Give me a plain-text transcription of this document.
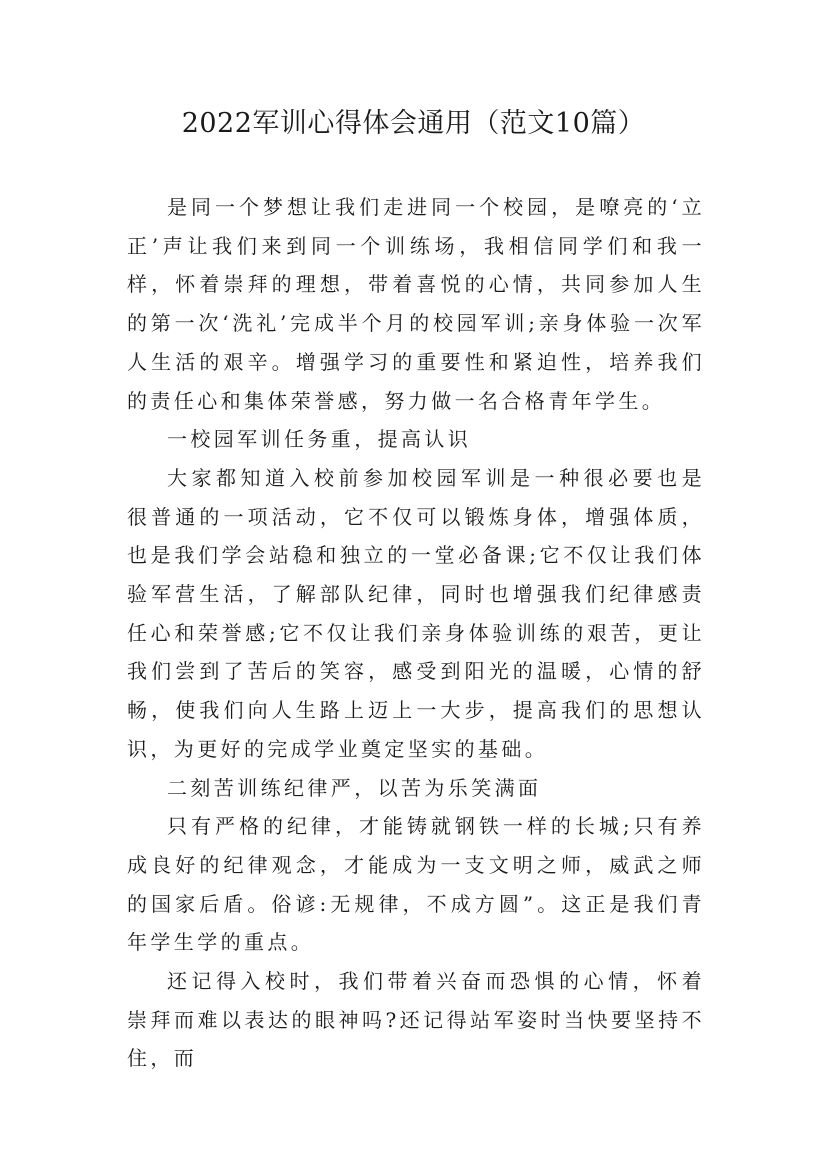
2022军训心得体会通用（范文10篇）

是同一个梦想让我们走进同一个校园，是嘹亮的‘立正’声让我们来到同一个训练场，我相信同学们和我一样，怀着崇拜的理想，带着喜悦的心情，共同参加人生的第一次‘洗礼’完成半个月的校园军训;亲身体验一次军人生活的艰辛。增强学习的重要性和紧迫性，培养我们的责任心和集体荣誉感，努力做一名合格青年学生。

一校园军训任务重，提高认识

大家都知道入校前参加校园军训是一种很必要也是很普通的一项活动，它不仅可以锻炼身体，增强体质，也是我们学会站稳和独立的一堂必备课;它不仅让我们体验军营生活，了解部队纪律，同时也增强我们纪律感责任心和荣誉感;它不仅让我们亲身体验训练的艰苦，更让我们尝到了苦后的笑容，感受到阳光的温暖，心情的舒畅，使我们向人生路上迈上一大步，提高我们的思想认识，为更好的完成学业奠定坚实的基础。

二刻苦训练纪律严，以苦为乐笑满面

只有严格的纪律，才能铸就钢铁一样的长城;只有养成良好的纪律观念，才能成为一支文明之师，威武之师的国家后盾。俗谚:无规律，不成方圆”。这正是我们青年学生学的重点。

还记得入校时，我们带着兴奋而恐惧的心情，怀着崇拜而难以表达的眼神吗?还记得站军姿时当快要坚持不住，而
